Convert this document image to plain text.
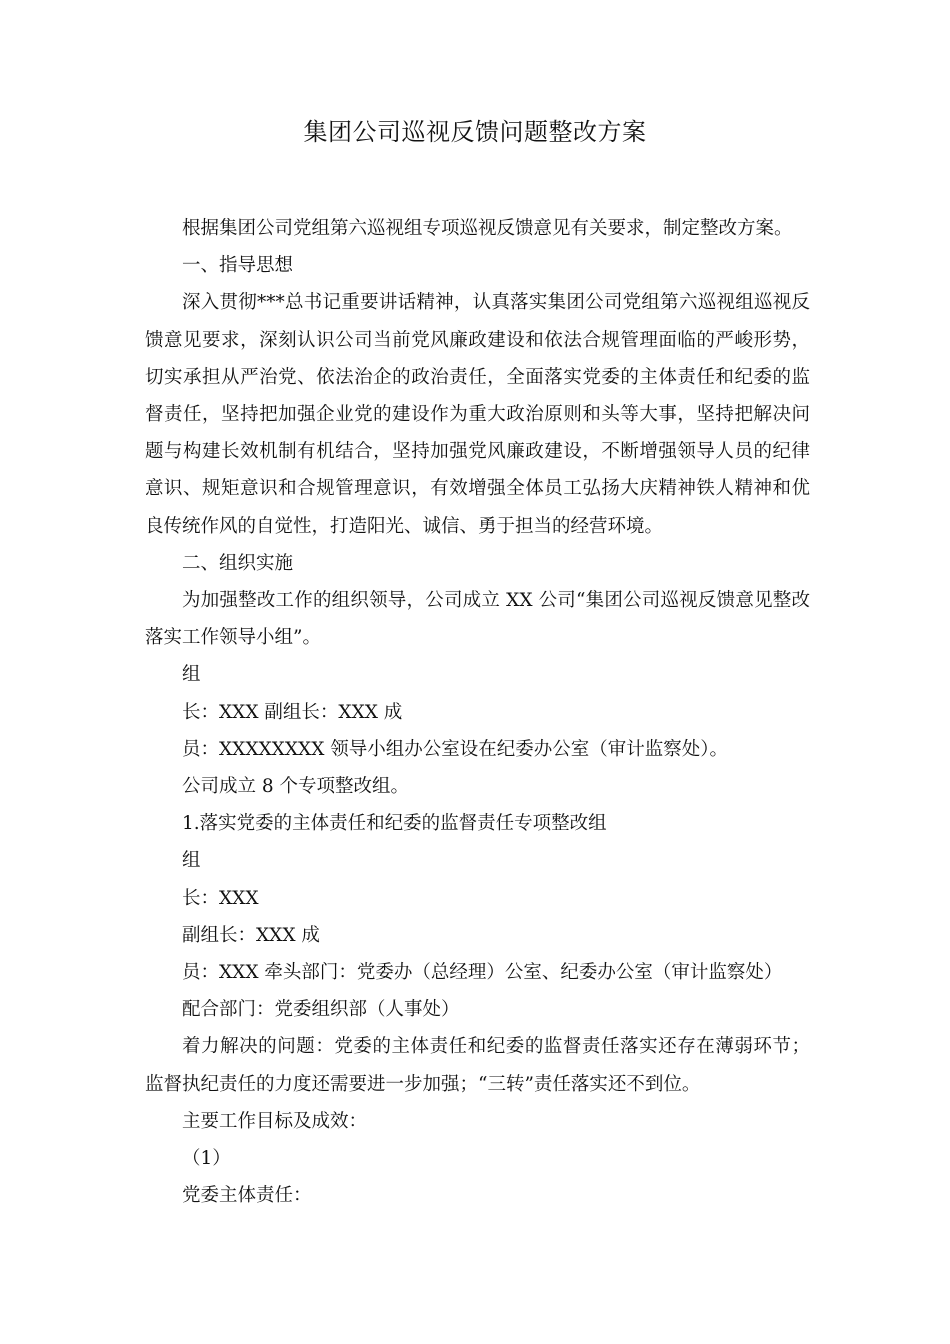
集团公司巡视反馈问题整改方案

根据集团公司党组第六巡视组专项巡视反馈意见有关要求，制定整改方案。

一、指导思想

深入贯彻***总书记重要讲话精神，认真落实集团公司党组第六巡视组巡视反馈意见要求，深刻认识公司当前党风廉政建设和依法合规管理面临的严峻形势，切实承担从严治党、依法治企的政治责任，全面落实党委的主体责任和纪委的监督责任，坚持把加强企业党的建设作为重大政治原则和头等大事，坚持把解决问题与构建长效机制有机结合，坚持加强党风廉政建设，不断增强领导人员的纪律意识、规矩意识和合规管理意识，有效增强全体员工弘扬大庆精神铁人精神和优良传统作风的自觉性，打造阳光、诚信、勇于担当的经营环境。

二、组织实施

为加强整改工作的组织领导，公司成立 XX 公司“集团公司巡视反馈意见整改落实工作领导小组”。

组

长：XXX 副组长：XXX 成

员：XXXXXXXX 领导小组办公室设在纪委办公室（审计监察处）。

公司成立 8 个专项整改组。

1.落实党委的主体责任和纪委的监督责任专项整改组

组

长：XXX

副组长：XXX 成

员：XXX 牵头部门：党委办（总经理）公室、纪委办公室（审计监察处）

配合部门：党委组织部（人事处）

着力解决的问题：党委的主体责任和纪委的监督责任落实还存在薄弱环节；监督执纪责任的力度还需要进一步加强；“三转”责任落实还不到位。

主要工作目标及成效：

（1）

党委主体责任：
